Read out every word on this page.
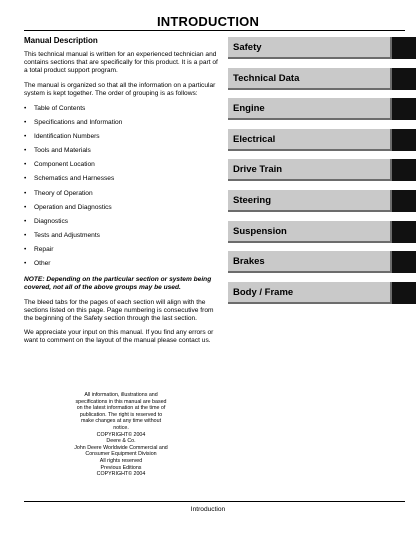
INTRODUCTION
Manual Description

This technical manual is written for an experienced technician and contains sections that are specifically for this product. It is a part of a total product support program.

The manual is organized so that all the information on a particular system is kept together. The order of grouping is as follows:

• Table of Contents
• Specifications and Information
• Identification Numbers
• Tools and Materials
• Component Location
• Schematics and Harnesses
• Theory of Operation
• Operation and Diagnostics
• Diagnostics
• Tests and Adjustments
• Repair
• Other

NOTE: Depending on the particular section or system being covered, not all of the above groups may be used.

The bleed tabs for the pages of each section will align with the sections listed on this page. Page numbering is consecutive from the beginning of the Safety section through the last section.

We appreciate your input on this manual. If you find any errors or want to comment on the layout of the manual please contact us.

All information, illustrations and
specifications in this manual are based
on the latest information at the time of
publication. The right is reserved to
make changes at any time without
notice.
COPYRIGHT© 2004
Deere & Co.
John Deere Worldwide Commercial and
Consumer Equipment Division
All rights reserved
Previous Editions
COPYRIGHT© 2004
Safety
Technical Data
Engine
Electrical
Drive Train
Steering
Suspension
Brakes
Body / Frame
Introduction
